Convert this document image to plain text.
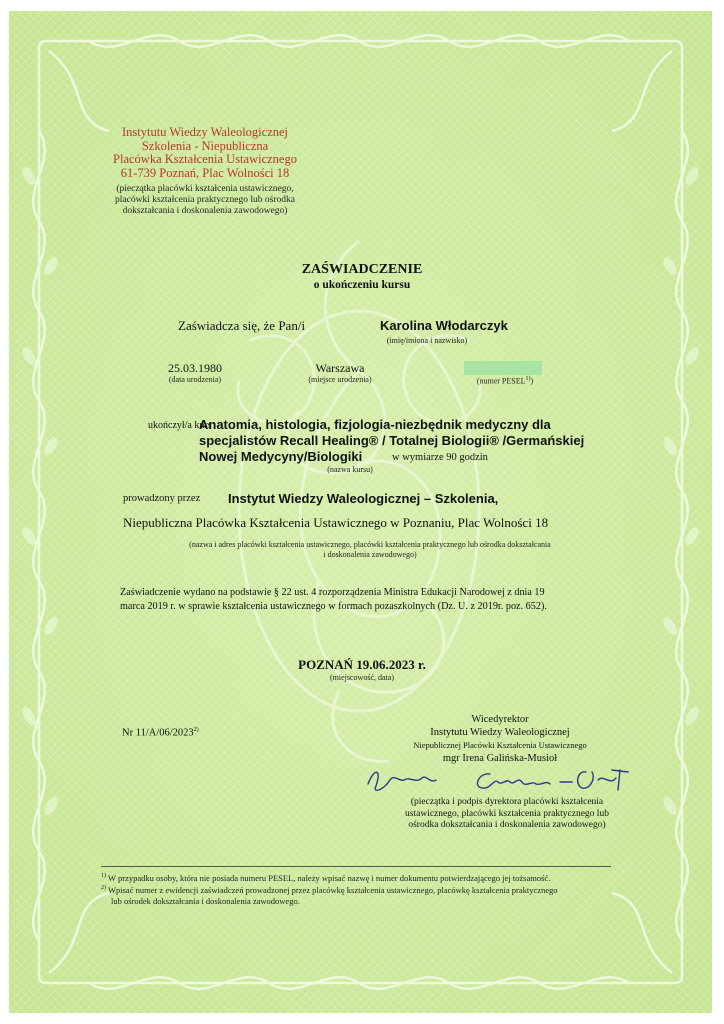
Instytutu Wiedzy Waleologicznej
Szkolenia - Niepubliczna
Placówka Kształcenia Ustawicznego
61-739 Poznań, Plac Wolności 18
(pieczątka placówki kształcenia ustawicznego,
placówki kształcenia praktycznego lub ośrodka
dokształcania i doskonalenia zawodowego)
ZAŚWIADCZENIE
o ukończeniu kursu
Zaświadcza się, że Pan/i	Karolina Włodarczyk
(imię/imiona i nazwisko)
25.03.1980
(data urodzenia)
Warszawa
(miejsce urodzenia)	(numer PESEL$^{1)}$)
ukończył/a kurs
Anatomia, histologia, fizjologia-niezbędnik medyczny dla
specjalistów Recall Healing® / Totalnej Biologii® /Germańskiej
Nowej Medycyny/Biologiki	w wymiarze 90 godzin
(nazwa kursu)
prowadzony przez Instytut Wiedzy Waleologicznej – Szkolenia,
Niepubliczna Placówka Kształcenia Ustawicznego w Poznaniu, Plac Wolności 18
(nazwa i adres placówki kształcenia ustawicznego, placówki kształcenia praktycznego lub ośrodka dokształcania
i doskonalenia zawodowego)
Zaświadczenie wydano na podstawie § 22 ust. 4 rozporządzenia Ministra Edukacji Narodowej z dnia 19
marca 2019 r. w sprawie kształcenia ustawicznego w formach pozaszkolnych (Dz. U. z 2019r. poz. 652).
POZNAŃ 19.06.2023 r.
(miejscowość, data)
Nr 11/A/06/2023$^{2)}$
Wicedyrektor
Instytutu Wiedzy Waleologicznej
Niepublicznej Placówki Kształcenia Ustawicznego
mgr Irena Galińska-Musioł
(pieczątka i podpis dyrektora placówki kształcenia
ustawicznego, placówki kształcenia praktycznego lub
ośrodka dokształcania i doskonalenia zawodowego)
$^{1)}$ W przypadku osoby, która nie posiada numeru PESEL, należy wpisać nazwę i numer dokumentu potwierdzającego jej tożsamość.
$^{2)}$ Wpisać numer z ewidencji zaświadczeń prowadzonej przez placówkę kształcenia ustawicznego, placówkę kształcenia praktycznego
lub ośrodek dokształcania i doskonalenia zawodowego.
